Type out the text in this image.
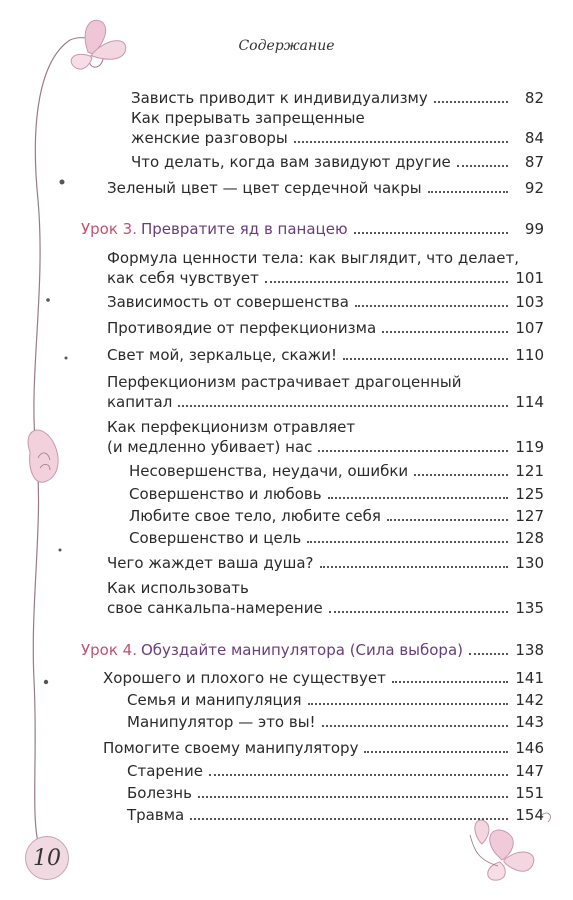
Содержание
Зависть приводит к индивидуализму	82
Как прерывать запрещенные
женские разговоры	84
Что делать, когда вам завидуют другие	87
Зеленый цвет — цвет сердечной чакры	92
Урок 3. Превратите яд в панацею	99
Формула ценности тела: как выглядит, что делает,
как себя чувствует	101
Зависимость от совершенства	103
Противоядие от перфекционизма	107
Свет мой, зеркальце, скажи!	110
Перфекционизм растрачивает драгоценный
капитал	114
Как перфекционизм отравляет
(и медленно убивает) нас	119
Несовершенства, неудачи, ошибки	121
Совершенство и любовь	125
Любите свое тело, любите себя	127
Совершенство и цель	128
Чего жаждет ваша душа?	130
Как использовать
свое санкальпа-намерение	135
Урок 4. Обуздайте манипулятора (Сила выбора)	138
Хорошего и плохого не существует	141
Семья и манипуляция	142
Манипулятор — это вы!	143
Помогите своему манипулятору	146
Старение	147
Болезнь	151
Травма	154
10
